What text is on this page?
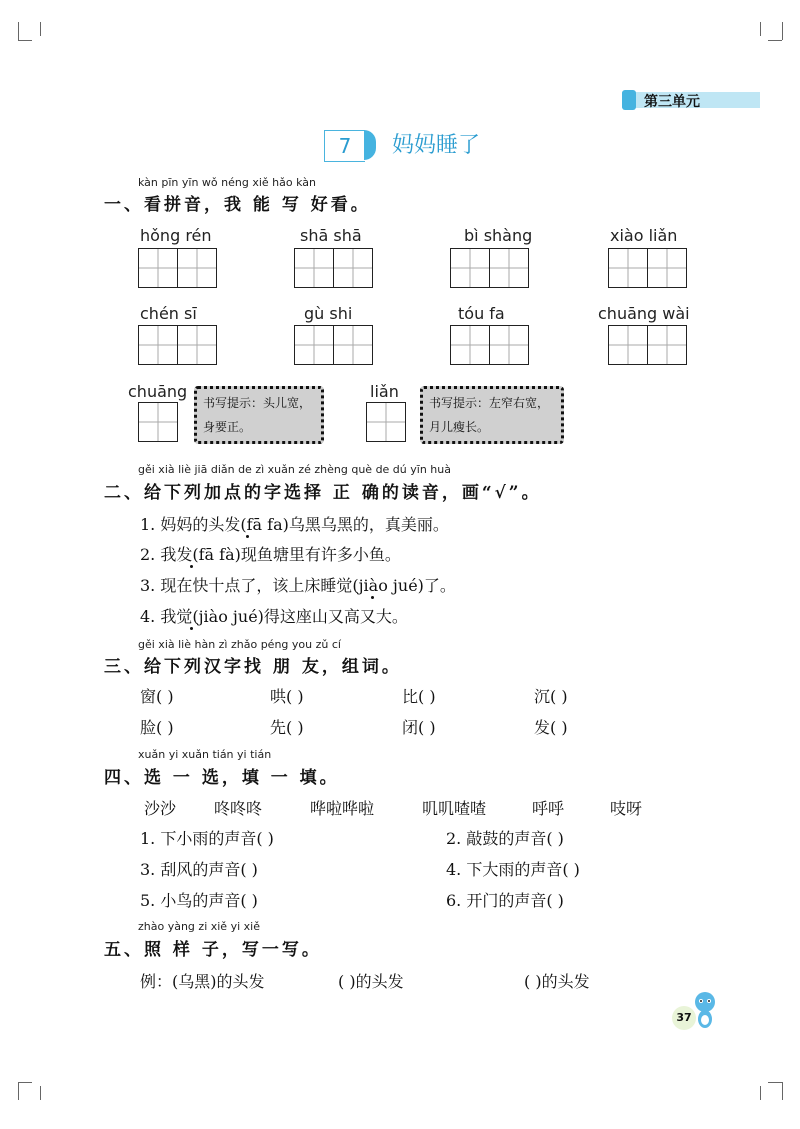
第三单元
7	妈妈睡了
kàn pīn yīn wǒ néng xiě hǎo kàn
一、看拼音，我 能 写 好看。
hǒng rén	shā shā	bì shàng	xiào liǎn
chén sī	gù shi	tóu fa	chuāng wài
chuāng
书写提示：头儿宽，
身要正。
liǎn
书写提示：左窄右宽，
月儿瘦长。
gěi xià liè jiā diǎn de zì xuǎn zé zhèng què de dú yīn huà
二、给下列加点的字选择 正 确的读音，画“√”。
1. 妈妈的头发(fā fa)乌黑乌黑的，真美丽。
2. 我发(fā fà)现鱼塘里有许多小鱼。
3. 现在快十点了，该上床睡觉(jiào jué)了。
4. 我觉(jiào jué)得这座山又高又大。
gěi xià liè hàn zì zhǎo péng you zǔ cí
三、给下列汉字找 朋 友，组词。
窗( )	哄( )	比( )	沉( )
脸( )	先( )	闭( )	发( )
xuǎn yi xuǎn tián yi tián
四、选 一 选，填 一 填。
沙沙 咚咚咚	哗啦哗啦	叽叽喳喳	呼呼	吱呀
1. 下小雨的声音( )	2. 敲鼓的声音( )
3. 刮风的声音( )	4. 下大雨的声音( )
5. 小鸟的声音( )	6. 开门的声音( )
zhào yàng zi xiě yi xiě
五、照 样 子，写一写。
例：(乌黑)的头发	( )的头发	( )的头发
37
